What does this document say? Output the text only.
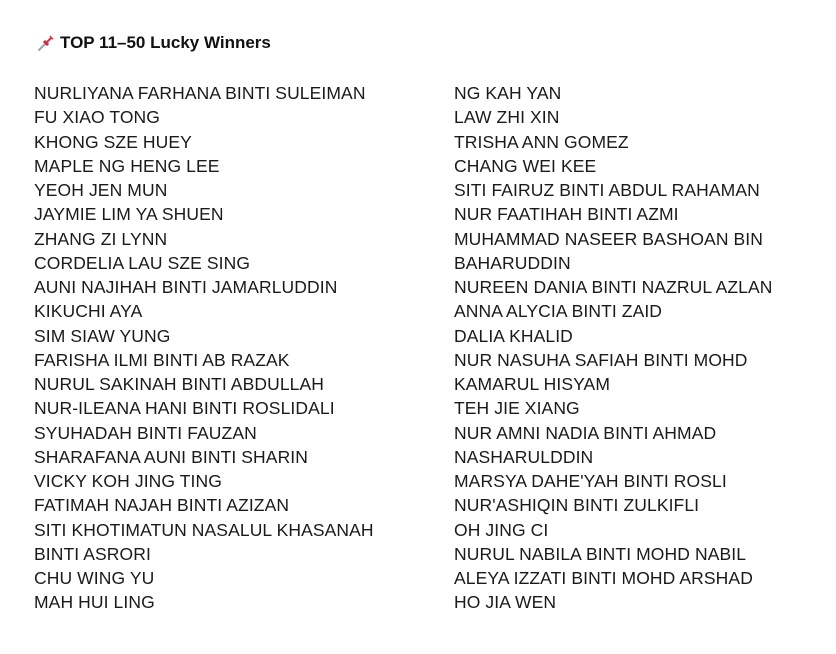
TOP 11–50 Lucky Winners
NURLIYANA FARHANA BINTI SULEIMAN
FU XIAO TONG
KHONG SZE HUEY
MAPLE NG HENG LEE
YEOH JEN MUN
JAYMIE LIM YA SHUEN
ZHANG ZI LYNN
CORDELIA LAU SZE SING
AUNI NAJIHAH BINTI JAMARLUDDIN
KIKUCHI AYA
SIM SIAW YUNG
FARISHA ILMI BINTI AB RAZAK
NURUL SAKINAH BINTI ABDULLAH
NUR-ILEANA HANI BINTI ROSLIDALI
SYUHADAH BINTI FAUZAN
SHARAFANA AUNI BINTI SHARIN
VICKY KOH JING TING
FATIMAH NAJAH BINTI AZIZAN
SITI KHOTIMATUN NASALUL KHASANAH
BINTI ASRORI
CHU WING YU
MAH HUI LING
NG KAH YAN
LAW ZHI XIN
TRISHA ANN GOMEZ
CHANG WEI KEE
SITI FAIRUZ BINTI ABDUL RAHAMAN
NUR FAATIHAH BINTI AZMI
MUHAMMAD NASEER BASHOAN BIN
BAHARUDDIN
NUREEN DANIA BINTI NAZRUL AZLAN
ANNA ALYCIA BINTI ZAID
DALIA KHALID
NUR NASUHA SAFIAH BINTI MOHD
KAMARUL HISYAM
TEH JIE XIANG
NUR AMNI NADIA BINTI AHMAD
NASHARULDDIN
MARSYA DAHE'YAH BINTI ROSLI
NUR'ASHIQIN BINTI ZULKIFLI
OH JING CI
NURUL NABILA BINTI MOHD NABIL
ALEYA IZZATI BINTI MOHD ARSHAD
HO JIA WEN
